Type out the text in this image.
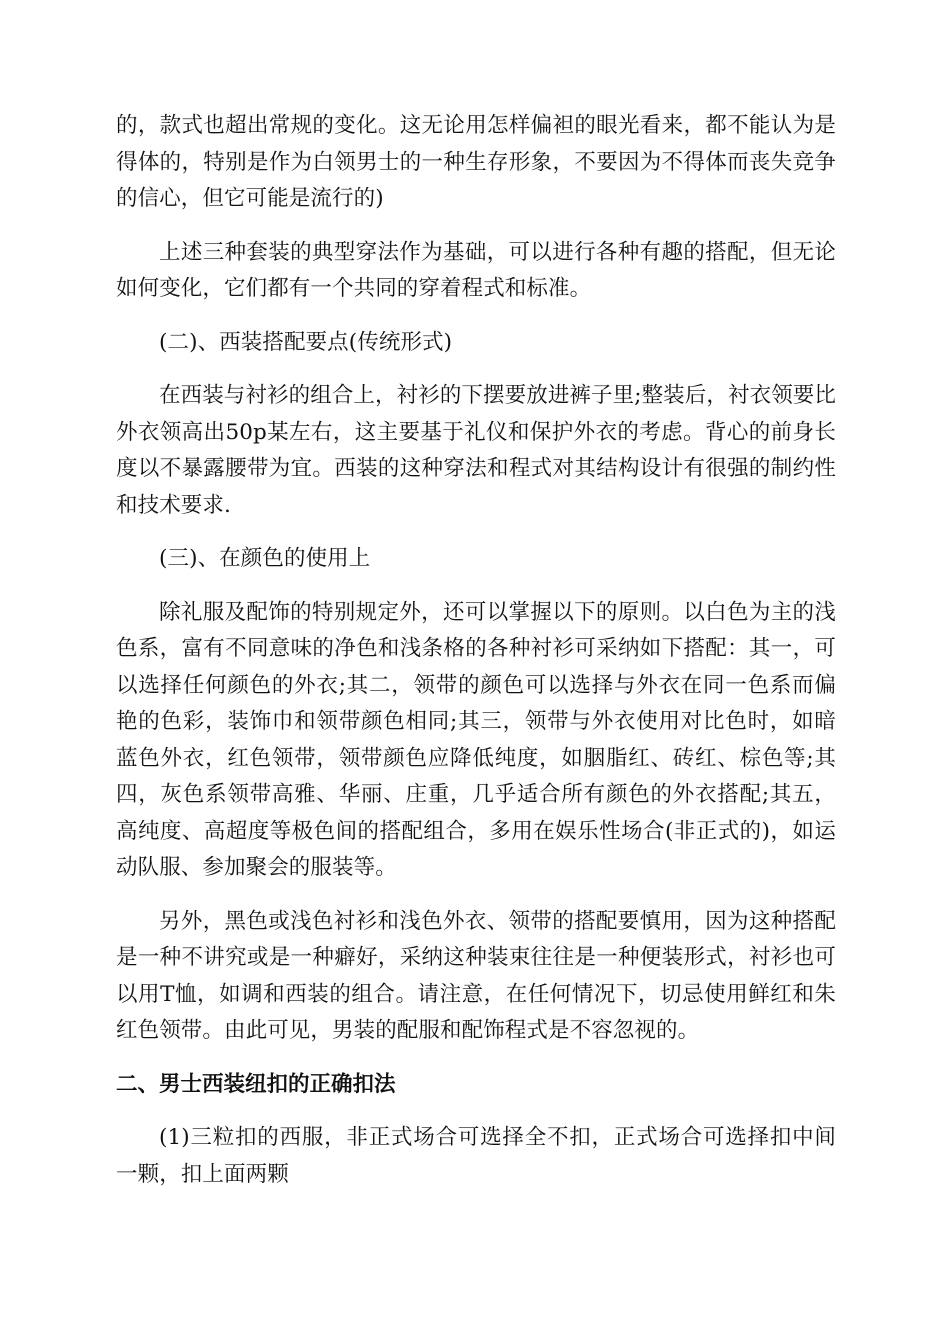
的，款式也超出常规的变化。这无论用怎样偏袒的眼光看来，都不能认为是得体的，特别是作为白领男士的一种生存形象，不要因为不得体而丧失竞争的信心，但它可能是流行的)

上述三种套装的典型穿法作为基础，可以进行各种有趣的搭配，但无论如何变化，它们都有一个共同的穿着程式和标准。

(二)、西装搭配要点(传统形式)

在西装与衬衫的组合上，衬衫的下摆要放进裤子里;整装后，衬衣领要比外衣领高出50p某左右，这主要基于礼仪和保护外衣的考虑。背心的前身长度以不暴露腰带为宜。西装的这种穿法和程式对其结构设计有很强的制约性和技术要求.

(三)、在颜色的使用上

除礼服及配饰的特别规定外，还可以掌握以下的原则。以白色为主的浅色系，富有不同意味的净色和浅条格的各种衬衫可采纳如下搭配：其一，可以选择任何颜色的外衣;其二，领带的颜色可以选择与外衣在同一色系而偏艳的色彩，装饰巾和领带颜色相同;其三，领带与外衣使用对比色时，如暗蓝色外衣，红色领带，领带颜色应降低纯度，如胭脂红、砖红、棕色等;其四，灰色系领带高雅、华丽、庄重，几乎适合所有颜色的外衣搭配;其五，高纯度、高超度等极色间的搭配组合，多用在娱乐性场合(非正式的)，如运动队服、参加聚会的服装等。

另外，黑色或浅色衬衫和浅色外衣、领带的搭配要慎用，因为这种搭配是一种不讲究或是一种癖好，采纳这种装束往往是一种便装形式，衬衫也可以用T恤，如调和西装的组合。请注意，在任何情况下，切忌使用鲜红和朱红色领带。由此可见，男装的配服和配饰程式是不容忽视的。

二、男士西装纽扣的正确扣法

(1)三粒扣的西服，非正式场合可选择全不扣，正式场合可选择扣中间一颗，扣上面两颗
